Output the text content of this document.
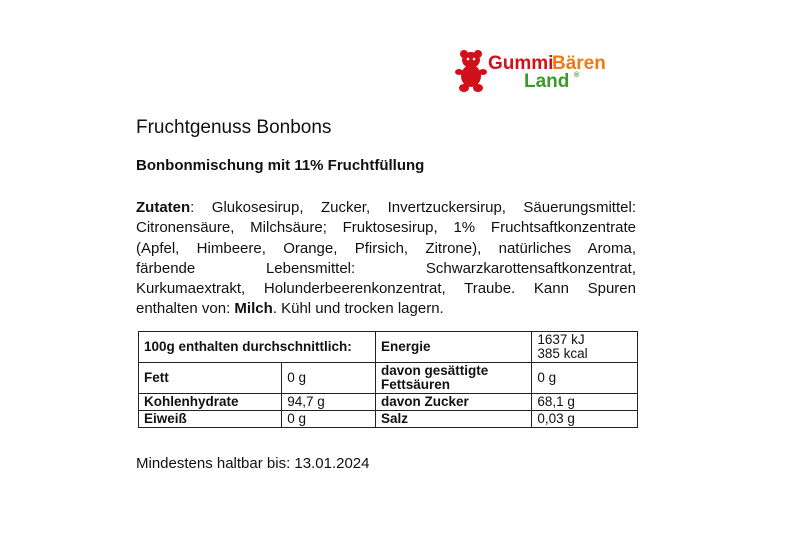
Gummi
Bären
Land ®
Fruchtgenuss Bonbons
Bonbonmischung mit 11% Fruchtfüllung

Zutaten: Glukosesirup, Zucker, Invertzuckersirup, Säuerungsmittel:
Citronensäure, Milchsäure; Fruktosesirup, 1% Fruchtsaftkonzentrate
(Apfel, Himbeere, Orange, Pfirsich, Zitrone), natürliches Aroma,
färbende Lebensmittel: Schwarzkarottensaftkonzentrat,
Kurkumaextrakt, Holunderbeerenkonzentrat, Traube. Kann Spuren
enthalten von: Milch. Kühl und trocken lagern.

100g enthalten durchschnittlich:		Energie	1637 kJ
385 kcal

Fett	0 g	davon gesättigte Fettsäuren	0 g
Kohlenhydrate	94,7 g	davon Zucker	68,1 g
Eiweiß	0 g	Salz	0,03 g

Mindestens haltbar bis: 13.01.2024
